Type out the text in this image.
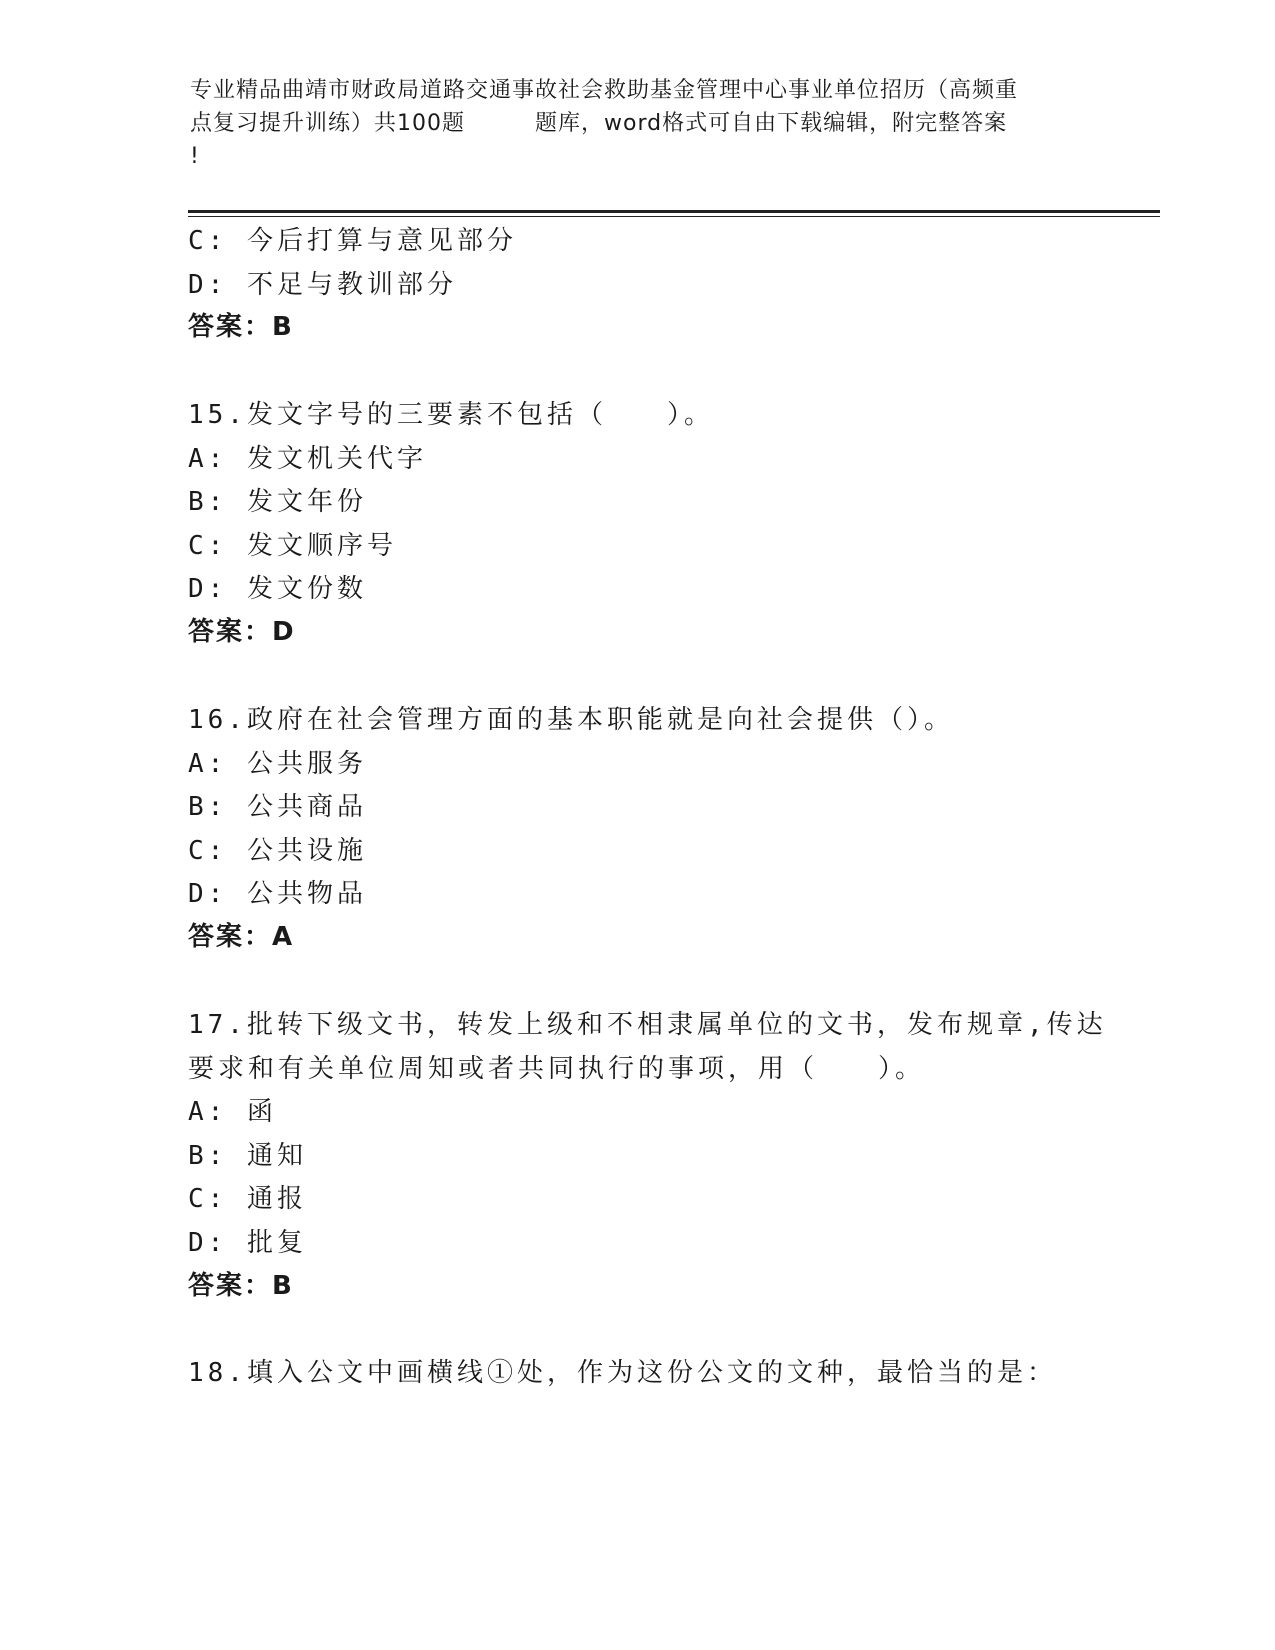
专业精品曲靖市财政局道路交通事故社会救助基金管理中心事业单位招历（高频重
点复习提升训练）共100题	题库，word格式可自由下载编辑，附完整答案
!
C: 今后打算与意见部分
D: 不足与教训部分
答案：B
15.发文字号的三要素不包括（　　）。
A: 发文机关代字
B: 发文年份
C: 发文顺序号
D: 发文份数
答案：D
16.政府在社会管理方面的基本职能就是向社会提供（）。
A: 公共服务
B: 公共商品
C: 公共设施
D: 公共物品
答案：A
17.批转下级文书，转发上级和不相隶属单位的文书，发布规章,传达
要求和有关单位周知或者共同执行的事项，用（　　）。
A: 函
B: 通知
C: 通报
D: 批复
答案：B
18.填入公文中画横线①处，作为这份公文的文种，最恰当的是：
